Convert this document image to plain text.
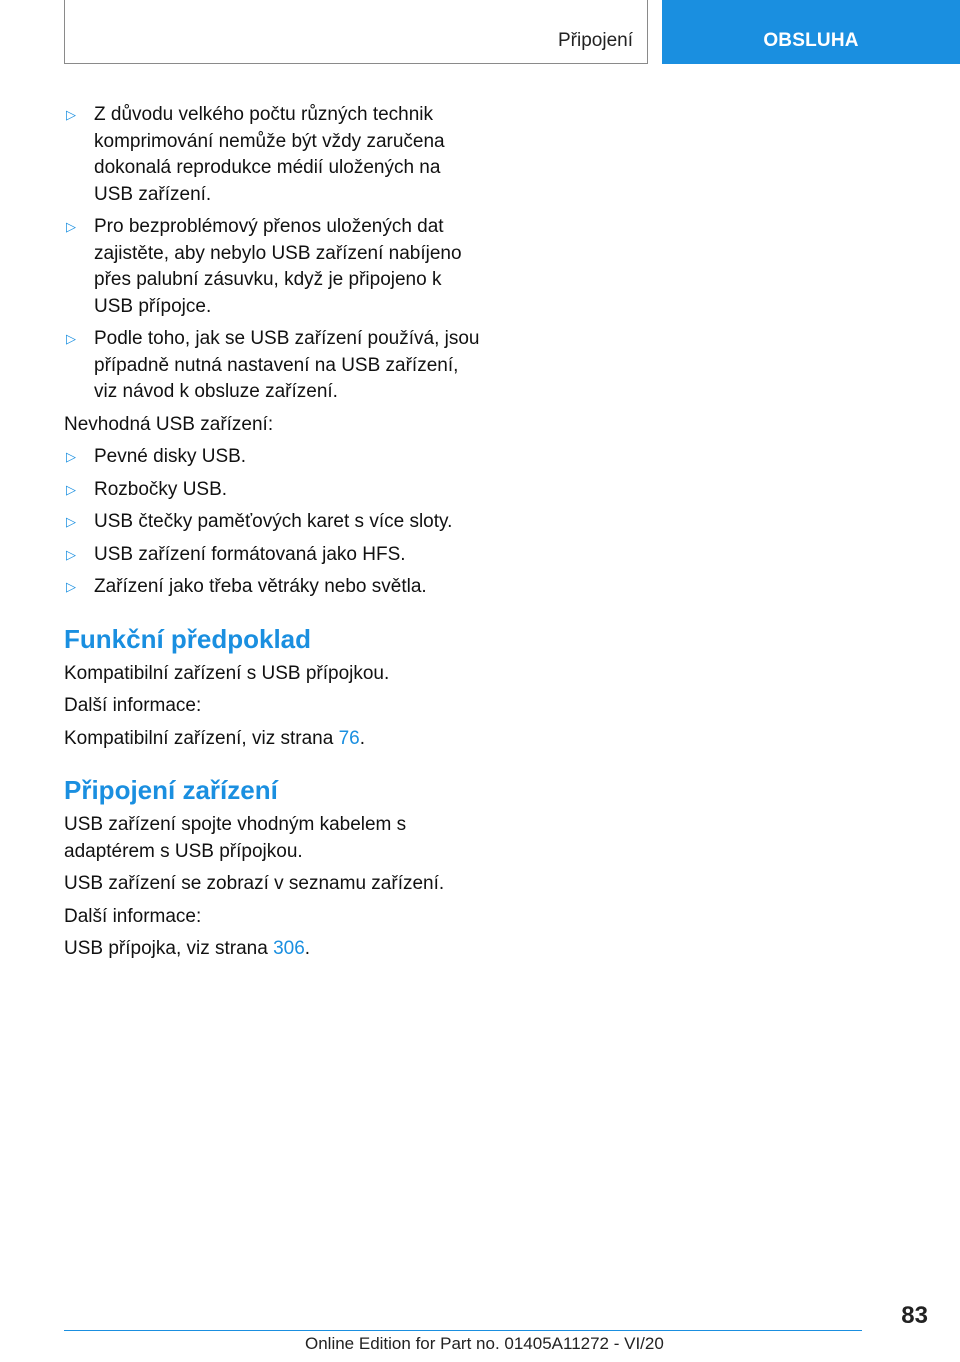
Připojení	OBSLUHA
▷ Z důvodu velkého počtu různých technik komprimování nemůže být vždy zaručena dokonalá reprodukce médií uložených na USB zařízení.
▷ Pro bezproblémový přenos uložených dat zajistěte, aby nebylo USB zařízení nabíjeno přes palubní zásuvku, když je připojeno k USB přípojce.
▷ Podle toho, jak se USB zařízení používá, jsou případně nutná nastavení na USB zařízení, viz návod k obsluze zařízení.

Nevhodná USB zařízení:

▷ Pevné disky USB.
▷ Rozbočky USB.
▷ USB čtečky paměťových karet s více sloty.
▷ USB zařízení formátovaná jako HFS.
▷ Zařízení jako třeba větráky nebo světla.
Funkční předpoklad

Kompatibilní zařízení s USB přípojkou.

Další informace:

Kompatibilní zařízení, viz strana 76.

Připojení zařízení

USB zařízení spojte vhodným kabelem s adaptérem s USB přípojkou.

USB zařízení se zobrazí v seznamu zařízení.

Další informace:

USB přípojka, viz strana 306.

83
Online Edition for Part no. 01405A11272 - VI/20
